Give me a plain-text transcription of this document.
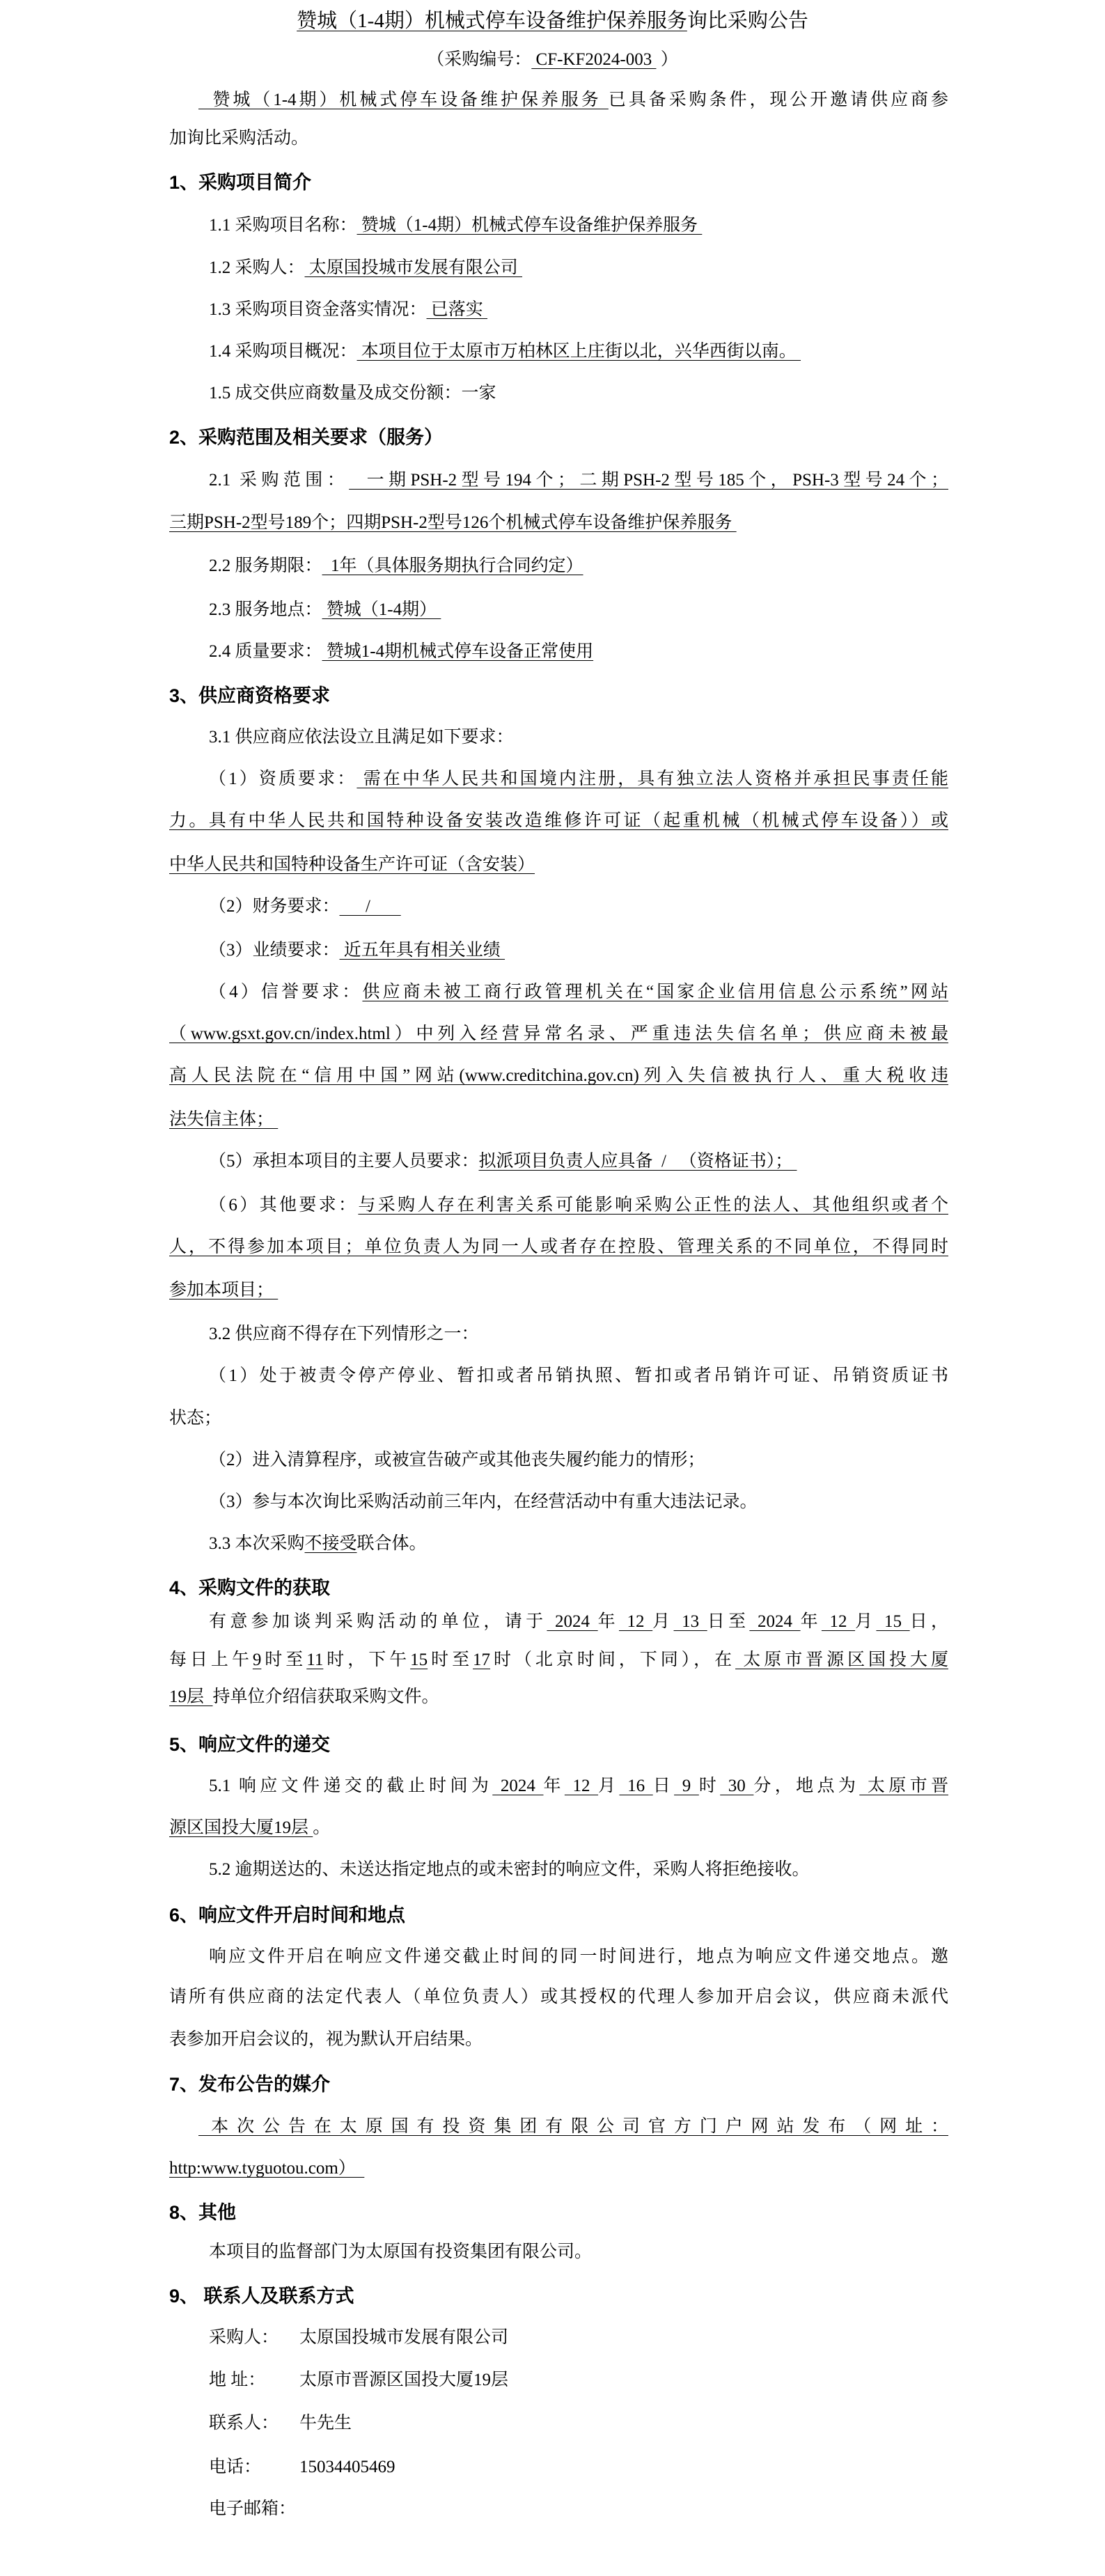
赞城（1-4期）机械式停车设备维护保养服务询比采购公告
（采购编号： CF-KF2024-003  ）
赞城（1-4期）机械式停车设备维护保养服务 已具备采购条件，现公开邀请供应商参
加询比采购活动。
1、采购项目简介
1.1 采购项目名称： 赞城（1-4期）机械式停车设备维护保养服务
1.2 采购人： 太原国投城市发展有限公司
1.3 采购项目资金落实情况： 已落实
1.4 采购项目概况： 本项目位于太原市万柏林区上庄街以北，兴华西街以南。
1.5 成交供应商数量及成交份额：一家
2、采购范围及相关要求（服务）
2.1 采购范围：  一期PSH-2型号194个；二期PSH-2型号185个，PSH-3型号24个；
三期PSH-2型号189个；四期PSH-2型号126个机械式停车设备维护保养服务
2.2 服务期限：  1年（具体服务期执行合同约定）
2.3 服务地点： 赞城（1-4期）
2.4 质量要求： 赞城1-4期机械式停车设备正常使用
3、供应商资格要求
3.1 供应商应依法设立且满足如下要求：
（1）资质要求： 需在中华人民共和国境内注册，具有独立法人资格并承担民事责任能
力。具有中华人民共和国特种设备安装改造维修许可证（起重机械（机械式停车设备））或
中华人民共和国特种设备生产许可证（含安装）
（2）财务要求：      /
（3）业绩要求： 近五年具有相关业绩
（4）信誉要求：供应商未被工商行政管理机关在“国家企业信用信息公示系统”网站
（www.gsxt.gov.cn/index.html）中列入经营异常名录、严重违法失信名单；供应商未被最
高人民法院在“信用中国”网站(www.creditchina.gov.cn)列入失信被执行人、重大税收违
法失信主体；
（5）承担本项目的主要人员要求：拟派项目负责人应具备  /   （资格证书）；
（6）其他要求：与采购人存在利害关系可能影响采购公正性的法人、其他组织或者个
人，不得参加本项目；单位负责人为同一人或者存在控股、管理关系的不同单位，不得同时
参加本项目；
3.2 供应商不得存在下列情形之一：
（1）处于被责令停产停业、暂扣或者吊销执照、暂扣或者吊销许可证、吊销资质证书
状态；
（2）进入清算程序，或被宣告破产或其他丧失履约能力的情形；
（3）参与本次询比采购活动前三年内，在经营活动中有重大违法记录。
3.3 本次采购不接受联合体。
4、采购文件的获取
有意参加谈判采购活动的单位，请于 2024 年 12 月 13 日至 2024 年 12 月 15 日，
每日上午9时至11时，下午15时至17时（北京时间，下同），在 太原市晋源区国投大厦
19层  持单位介绍信获取采购文件。
5、响应文件的递交
5.1 响应文件递交的截止时间为 2024 年 12 月 16 日 9 时 30 分，地点为 太原市晋
源区国投大厦19层 。
5.2 逾期送达的、未送达指定地点的或未密封的响应文件，采购人将拒绝接收。
6、响应文件开启时间和地点
响应文件开启在响应文件递交截止时间的同一时间进行，地点为响应文件递交地点。邀
请所有供应商的法定代表人（单位负责人）或其授权的代理人参加开启会议，供应商未派代
表参加开启会议的，视为默认开启结果。
7、发布公告的媒介
本次公告在太原国有投资集团有限公司官方门户网站发布（网址：
http:www.tyguotou.com）
8、其他
本项目的监督部门为太原国有投资集团有限公司。
9、 联系人及联系方式
采购人： 太原国投城市发展有限公司
地 址： 太原市晋源区国投大厦19层
联系人： 牛先生
电话： 15034405469
电子邮箱：
